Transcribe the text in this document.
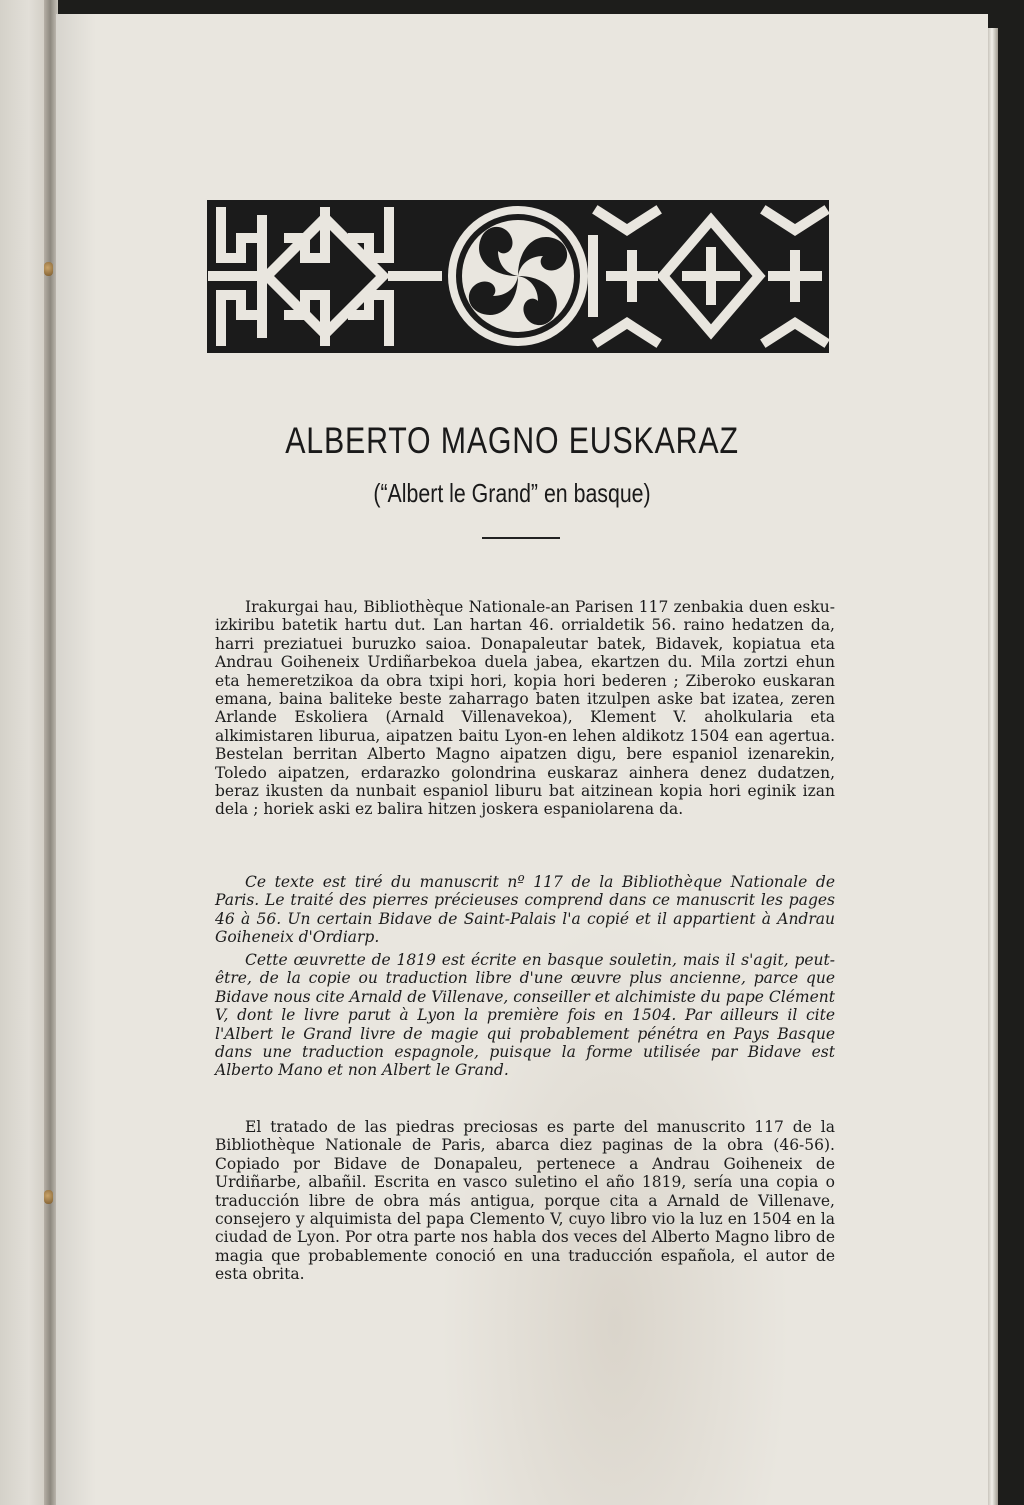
ALBERTO MAGNO EUSKARAZ
(“Albert le Grand” en basque)

Irakurgai hau, Bibliothèque Nationale-an Parisen 117 zenbakia duen esku-izkiribu batetik hartu dut. Lan hartan 46. orrialdetik 56. raino hedatzen da, harri preziatuei buruzko saioa. Donapaleutar batek, Bidavek, kopiatua eta Andrau Goiheneix Urdiñarbekoa duela jabea, ekartzen du. Mila zortzi ehun eta hemeretzikoa da obra txipi hori, kopia hori bederen ; Ziberoko euskaran emana, baina baliteke beste zaharrago baten itzulpen aske bat izatea, zeren Arlande Eskoliera (Arnald Villenavekoa), Klement V. aholkularia eta alkimistaren liburua, aipatzen baitu Lyon-en lehen aldikotz 1504 ean agertua. Bestelan berritan Alberto Magno aipatzen digu, bere espaniol izenarekin, Toledo aipatzen, erdarazko golondrina euskaraz ainhera denez dudatzen, beraz ikusten da nunbait espaniol liburu bat aitzinean kopia hori eginik izan dela ; horiek aski ez balira hitzen joskera espaniolarena da.

Ce texte est tiré du manuscrit nº 117 de la Bibliothèque Nationale de Paris. Le traité des pierres précieuses comprend dans ce manuscrit les pages 46 à 56. Un certain Bidave de Saint-Palais l'a copié et il appartient à Andrau Goiheneix d'Ordiarp.

Cette œuvrette de 1819 est écrite en basque souletin, mais il s'agit, peut-être, de la copie ou traduction libre d'une œuvre plus ancienne, parce que Bidave nous cite Arnald de Villenave, conseiller et alchimiste du pape Clément V, dont le livre parut à Lyon la première fois en 1504. Par ailleurs il cite l'Albert le Grand livre de magie qui probablement pénétra en Pays Basque dans une traduction espagnole, puisque la forme utilisée par Bidave est Alberto Mano et non Albert le Grand.

El tratado de las piedras preciosas es parte del manuscrito 117 de la Bibliothèque Nationale de Paris, abarca diez paginas de la obra (46-56). Copiado por Bidave de Donapaleu, pertenece a Andrau Goiheneix de Urdiñarbe, albañil. Escrita en vasco suletino el año 1819, sería una copia o traducción libre de obra más antigua, porque cita a Arnald de Villenave, consejero y alquimista del papa Clemento V, cuyo libro vio la luz en 1504 en la ciudad de Lyon. Por otra parte nos habla dos veces del Alberto Magno libro de magia que probablemente conoció en una traducción española, el autor de esta obrita.
